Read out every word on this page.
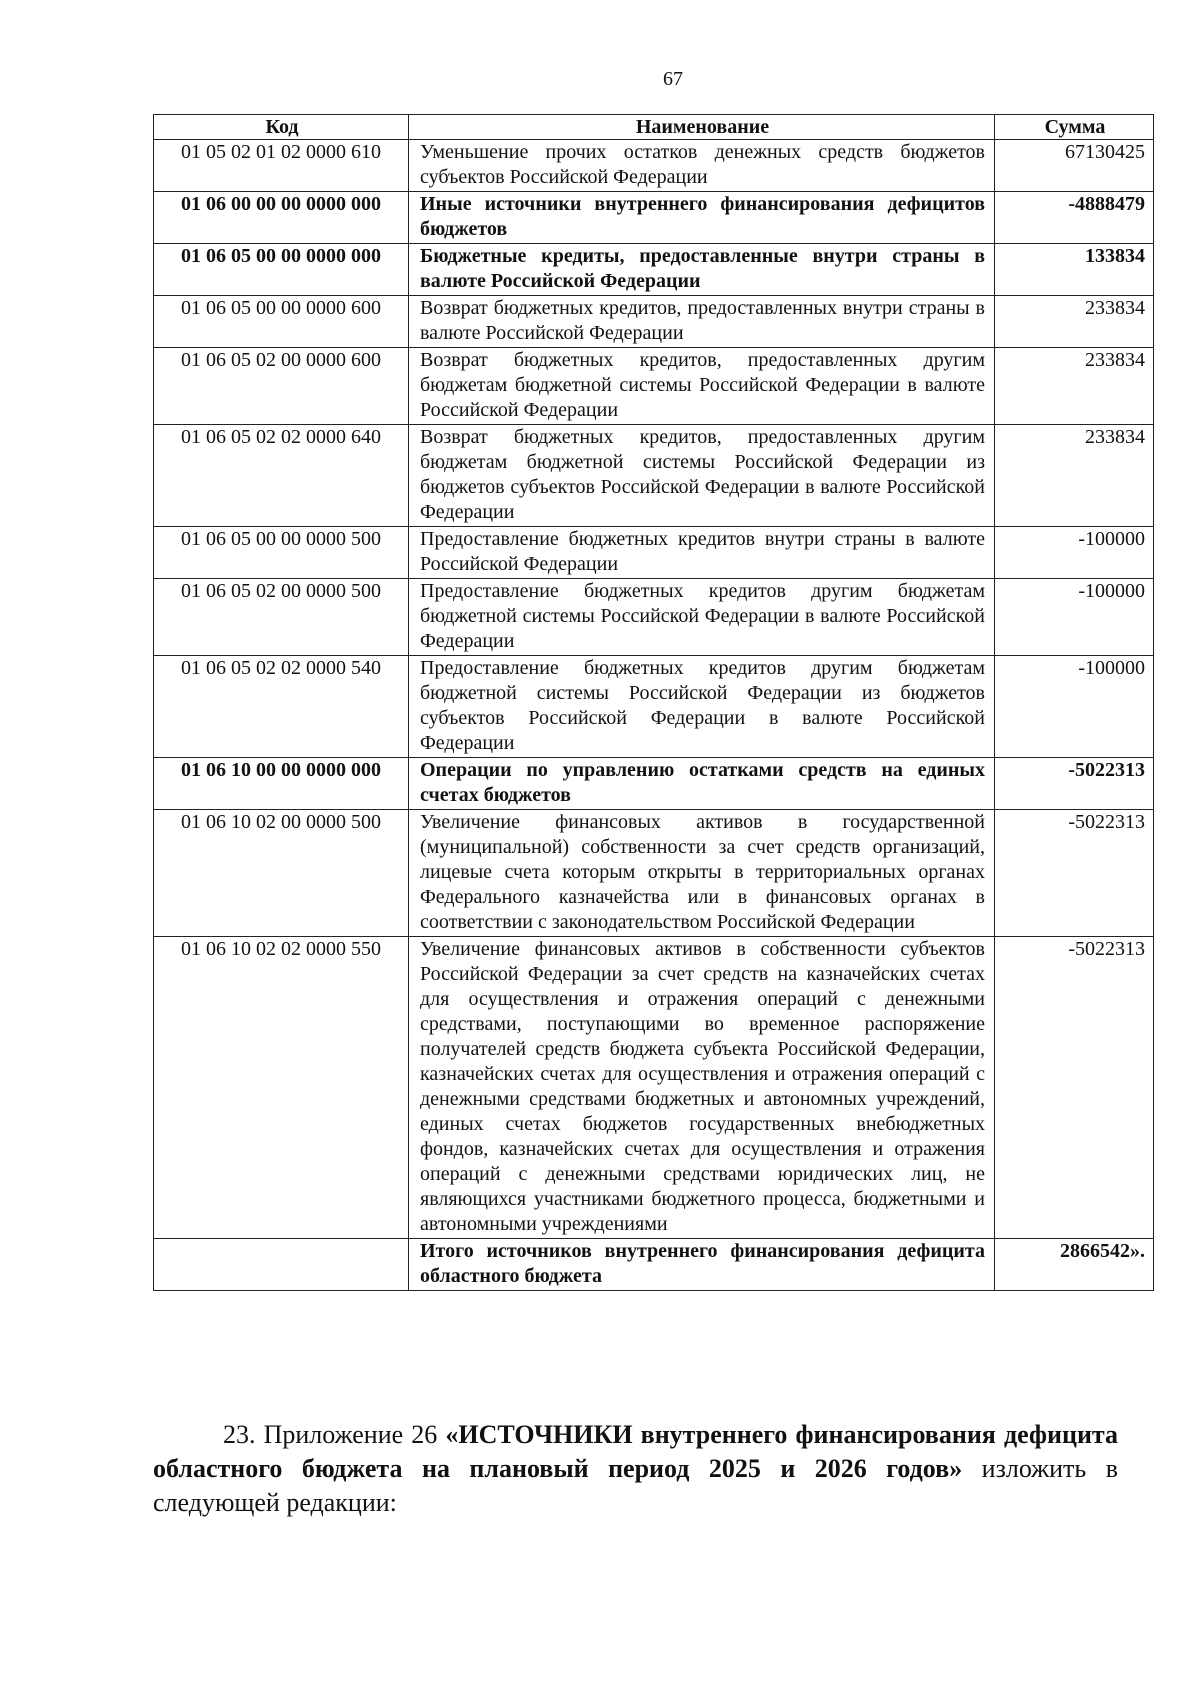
67
Код	Наименование	Сумма
01 05 02 01 02 0000 610	Уменьшение прочих остатков денежных средств бюджетов субъектов Российской Федерации	67130425
01 06 00 00 00 0000 000	Иные источники внутреннего финансирования дефицитов бюджетов	-4888479
01 06 05 00 00 0000 000	Бюджетные кредиты, предоставленные внутри страны в валюте Российской Федерации	133834
01 06 05 00 00 0000 600	Возврат бюджетных кредитов, предоставленных внутри страны в валюте Российской Федерации	233834
01 06 05 02 00 0000 600	Возврат бюджетных кредитов, предоставленных другим бюджетам бюджетной системы Российской Федерации в валюте Российской Федерации	233834
01 06 05 02 02 0000 640	Возврат бюджетных кредитов, предоставленных другим бюджетам бюджетной системы Российской Федерации из бюджетов субъектов Российской Федерации в валюте Российской Федерации	233834
01 06 05 00 00 0000 500	Предоставление бюджетных кредитов внутри страны в валюте Российской Федерации	-100000
01 06 05 02 00 0000 500	Предоставление бюджетных кредитов другим бюджетам бюджетной системы Российской Федерации в валюте Российской Федерации	-100000
01 06 05 02 02 0000 540	Предоставление бюджетных кредитов другим бюджетам бюджетной системы Российской Федерации из бюджетов субъектов Российской Федерации в валюте Российской Федерации	-100000
01 06 10 00 00 0000 000	Операции по управлению остатками средств на единых счетах бюджетов	-5022313
01 06 10 02 00 0000 500	Увеличение финансовых активов в государственной (муниципальной) собственности за счет средств организаций, лицевые счета которым открыты в территориальных органах Федерального казначейства или в финансовых органах в соответствии с законодательством Российской Федерации	-5022313
01 06 10 02 02 0000 550	Увеличение финансовых активов в собственности субъектов Российской Федерации за счет средств на казначейских счетах для осуществления и отражения операций с денежными средствами, поступающими во временное распоряжение получателей средств бюджета субъекта Российской Федерации, казначейских счетах для осуществления и отражения операций с денежными средствами бюджетных и автономных учреждений, единых счетах бюджетов государственных внебюджетных фондов, казначейских счетах для осуществления и отражения операций с денежными средствами юридических лиц, не являющихся участниками бюджетного процесса, бюджетными и автономными учреждениями	-5022313
	Итого источников внутреннего финансирования дефицита областного бюджета	2866542».

23. Приложение 26 «ИСТОЧНИКИ внутреннего финансирования дефицита областного бюджета на плановый период 2025 и 2026 годов» изложить в следующей редакции:
